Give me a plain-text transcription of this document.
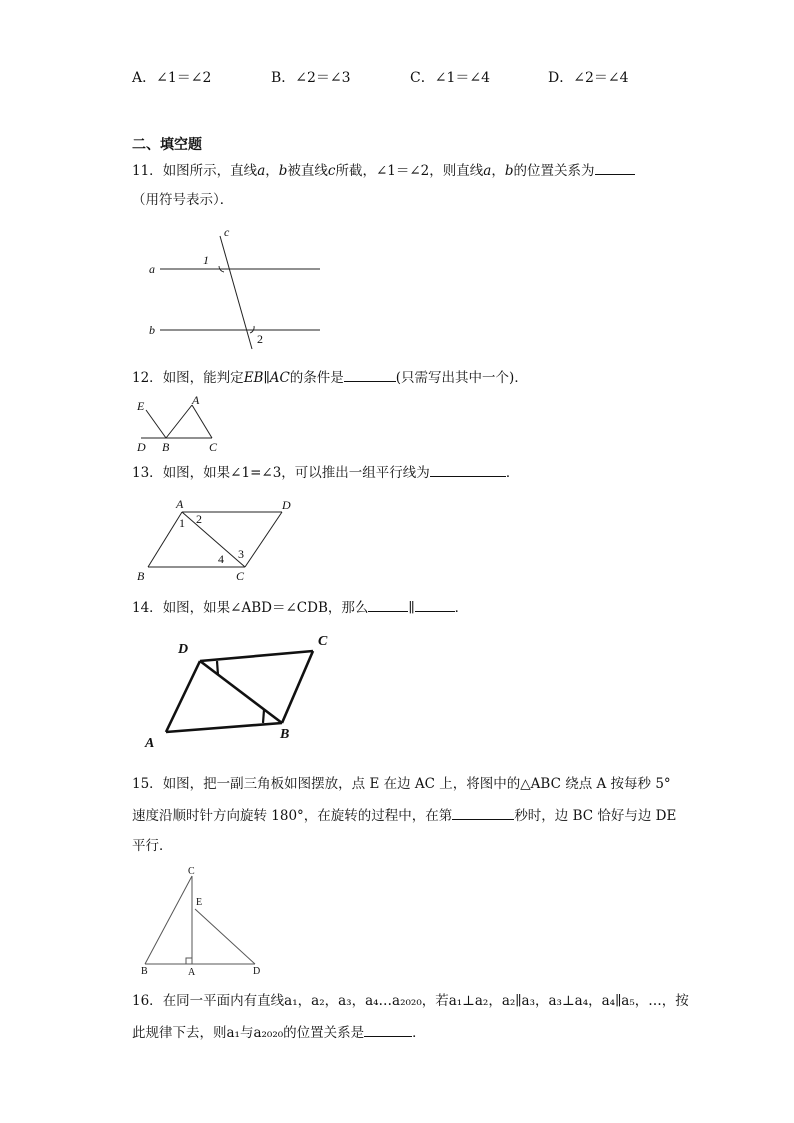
A．∠1＝∠2	B．∠2＝∠3	C．∠1＝∠4	D．∠2＝∠4
二、填空题
11．如图所示，直线a，b被直线c所截，∠1＝∠2，则直线a，b的位置关系为
（用符号表示）．
c
a
b
1
2
12．如图，能判定EB∥AC的条件是	(只需写出其中一个)．
E	A
D B	C
13．如图，如果∠1=∠3，可以推出一组平行线为	．
A	D
B	C
1 2
3
4
14．如图，如果∠ABD＝∠CDB，那么	∥	．
D
C
A
B
15．如图，把一副三角板如图摆放，点 E 在边 AC 上，将图中的△ABC 绕点 A 按每秒 5°
速度沿顺时针方向旋转 180°，在旋转的过程中，在第	秒时，边 BC 恰好与边 DE
平行．
C
E
B	A	D
16．在同一平面内有直线a₁，a₂，a₃，a₄…a₂₀₂₀，若a₁⊥a₂，a₂∥a₃，a₃⊥a₄，a₄∥a₅，…，按
此规律下去，则a₁与a₂₀₂₀的位置关系是	．
